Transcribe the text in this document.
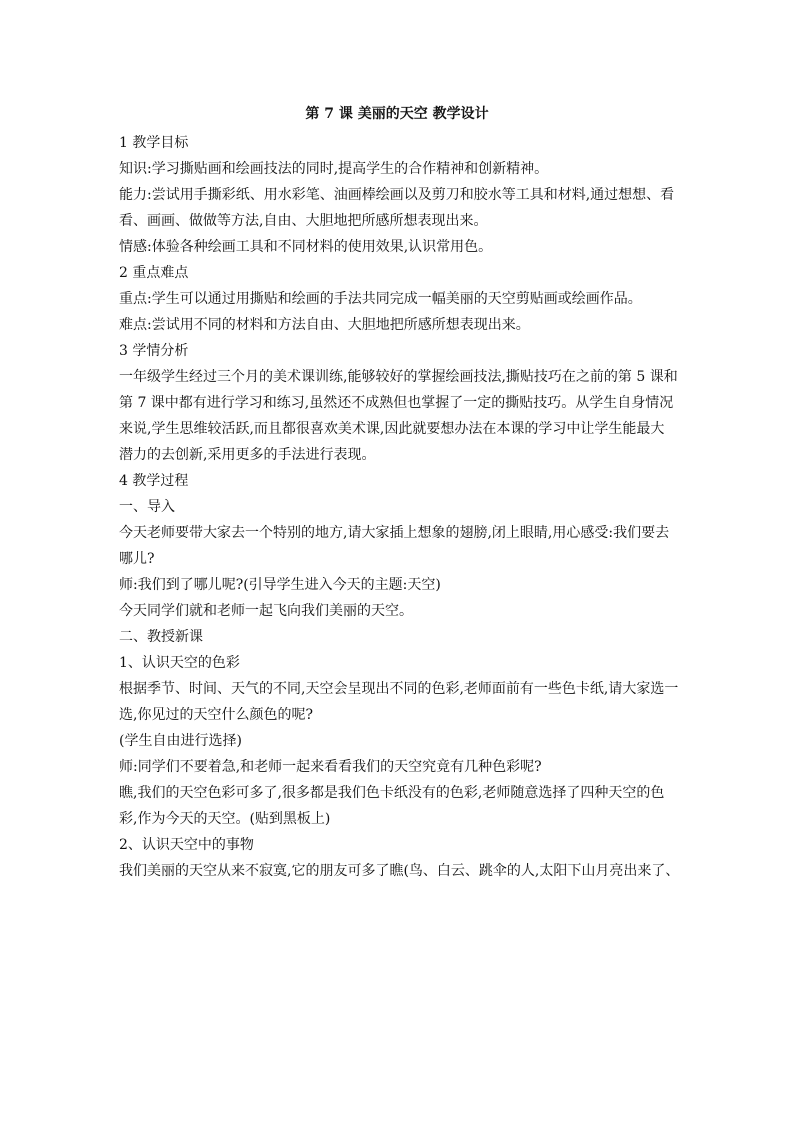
第 7 课 美丽的天空 教学设计

1 教学目标

知识:学习撕贴画和绘画技法的同时,提高学生的合作精神和创新精神。

能力:尝试用手撕彩纸、用水彩笔、油画棒绘画以及剪刀和胶水等工具和材料,通过想想、看

看、画画、做做等方法,自由、大胆地把所感所想表现出来。

情感:体验各种绘画工具和不同材料的使用效果,认识常用色。

2 重点难点

重点:学生可以通过用撕贴和绘画的手法共同完成一幅美丽的天空剪贴画或绘画作品。

难点:尝试用不同的材料和方法自由、大胆地把所感所想表现出来。

3 学情分析

一年级学生经过三个月的美术课训练,能够较好的掌握绘画技法,撕贴技巧在之前的第 5 课和

第 7 课中都有进行学习和练习,虽然还不成熟但也掌握了一定的撕贴技巧。从学生自身情况

来说,学生思维较活跃,而且都很喜欢美术课,因此就要想办法在本课的学习中让学生能最大

潜力的去创新,采用更多的手法进行表现。

4 教学过程

一、导入

今天老师要带大家去一个特别的地方,请大家插上想象的翅膀,闭上眼睛,用心感受:我们要去

哪儿?

师:我们到了哪儿呢?(引导学生进入今天的主题:天空)

今天同学们就和老师一起飞向我们美丽的天空。

二、教授新课

1、认识天空的色彩

根据季节、时间、天气的不同,天空会呈现出不同的色彩,老师面前有一些色卡纸,请大家选一

选,你见过的天空什么颜色的呢?

(学生自由进行选择)

师:同学们不要着急,和老师一起来看看我们的天空究竟有几种色彩呢?

瞧,我们的天空色彩可多了,很多都是我们色卡纸没有的色彩,老师随意选择了四种天空的色

彩,作为今天的天空。(贴到黑板上)

2、认识天空中的事物

我们美丽的天空从来不寂寞,它的朋友可多了瞧(鸟、白云、跳伞的人,太阳下山月亮出来了、
